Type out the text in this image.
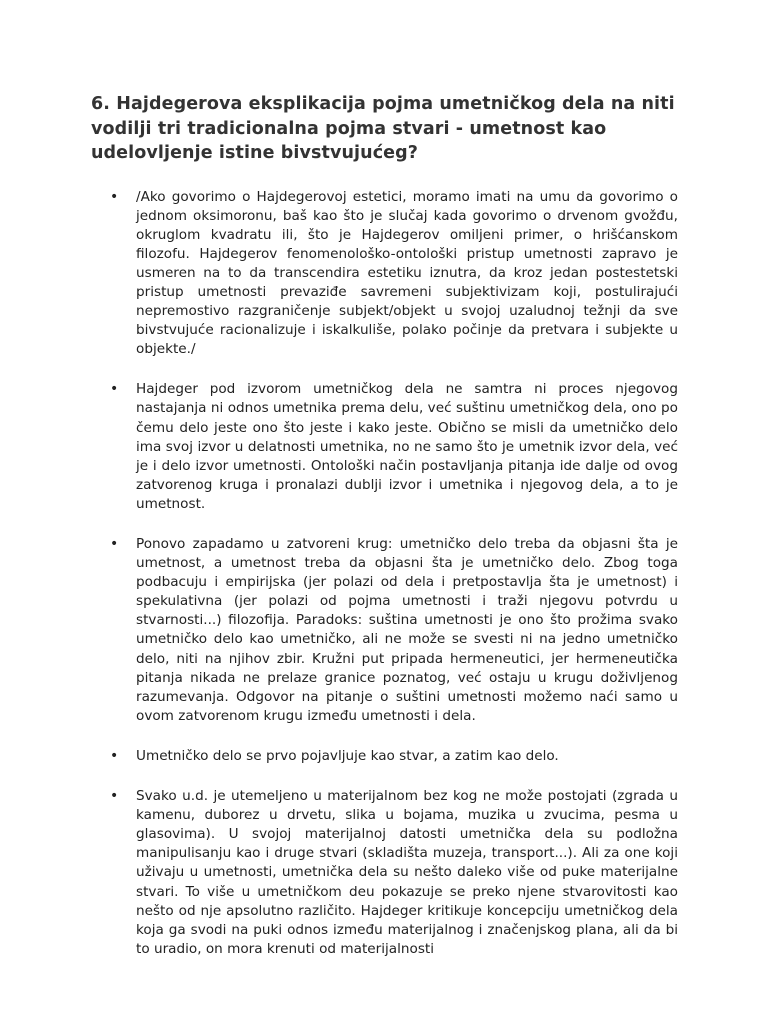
6. Hajdegerova eksplikacija pojma umetničkog dela na niti vodilji tri tradicionalna pojma stvari - umetnost kao udelovljenje istine bivstvujućeg?
• /Ako govorimo o Hajdegerovoj estetici, moramo imati na umu da govorimo o jednom oksimoronu, baš kao što je slučaj kada govorimo o drvenom gvožđu, okruglom kvadratu ili, što je Hajdegerov omiljeni primer, o hrišćanskom filozofu. Hajdegerov fenomenološko-ontološki pristup umetnosti zapravo je usmeren na to da transcendira estetiku iznutra, da kroz jedan postestetski pristup umetnosti prevaziđe savremeni subjektivizam koji, postulirajući nepremostivo razgraničenje subjekt/objekt u svojoj uzaludnoj težnji da sve bivstvujuće racionalizuje i iskalkuliše, polako počinje da pretvara i subjekte u objekte./
• Hajdeger pod izvorom umetničkog dela ne samtra ni proces njegovog nastajanja ni odnos umetnika prema delu, već suštinu umetničkog dela, ono po čemu delo jeste ono što jeste i kako jeste. Obično se misli da umetničko delo ima svoj izvor u delatnosti umetnika, no ne samo što je umetnik izvor dela, već je i delo izvor umetnosti. Ontološki način postavljanja pitanja ide dalje od ovog zatvorenog kruga i pronalazi dublji izvor i umetnika i njegovog dela, a to je umetnost.
• Ponovo zapadamo u zatvoreni krug: umetničko delo treba da objasni šta je umetnost, a umetnost treba da objasni šta je umetničko delo. Zbog toga podbacuju i empirijska (jer polazi od dela i pretpostavlja šta je umetnost) i spekulativna (jer polazi od pojma umetnosti i traži njegovu potvrdu u stvarnosti...) filozofija. Paradoks: suština umetnosti je ono što prožima svako umetničko delo kao umetničko, ali ne može se svesti ni na jedno umetničko delo, niti na njihov zbir. Kružni put pripada hermeneutici, jer hermeneutička pitanja nikada ne prelaze granice poznatog, već ostaju u krugu doživljenog razumevanja. Odgovor na pitanje o suštini umetnosti možemo naći samo u ovom zatvorenom krugu između umetnosti i dela.
• Umetničko delo se prvo pojavljuje kao stvar, a zatim kao delo.
• Svako u.d. je utemeljeno u materijalnom bez kog ne može postojati (zgrada u kamenu, duborez u drvetu, slika u bojama, muzika u zvucima, pesma u glasovima). U svojoj materijalnoj datosti umetnička dela su podložna manipulisanju kao i druge stvari (skladišta muzeja, transport...). Ali za one koji uživaju u umetnosti, umetnička dela su nešto daleko više od puke materijalne stvari. To više u umetničkom deu pokazuje se preko njene stvarovitosti kao nešto od nje apsolutno različito. Hajdeger kritikuje koncepciju umetničkog dela koja ga svodi na puki odnos između materijalnog i značenjskog plana, ali da bi to uradio, on mora krenuti od materijalnosti
